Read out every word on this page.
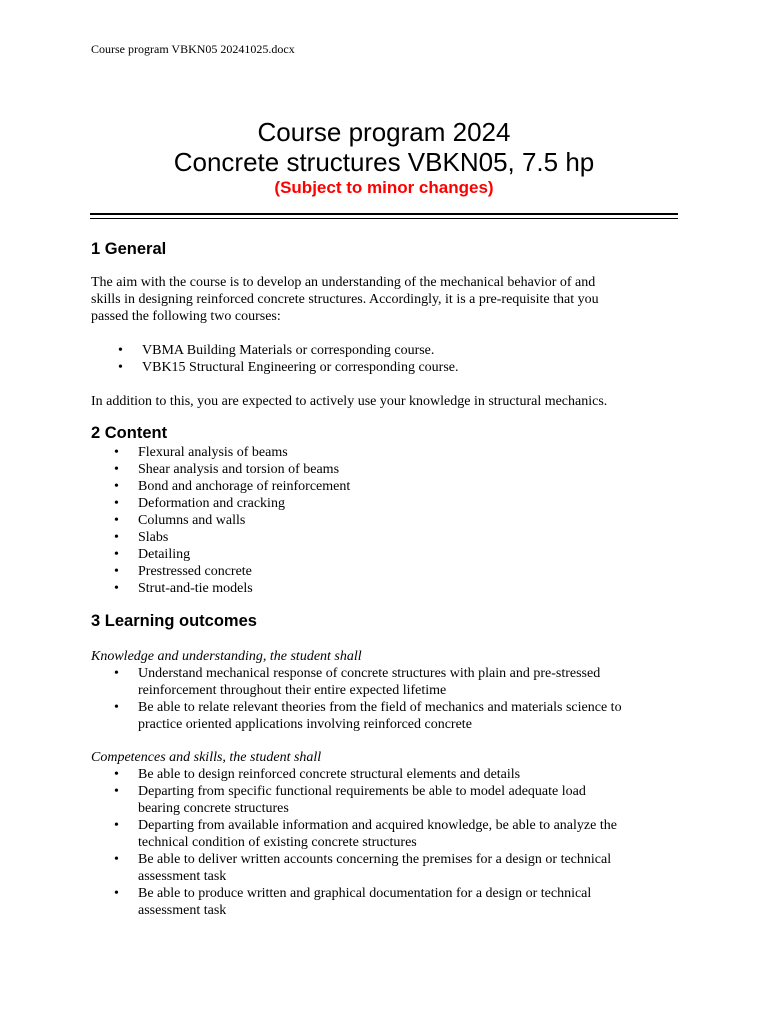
Course program VBKN05 20241025.docx
Course program 2024
Concrete structures VBKN05, 7.5 hp
(Subject to minor changes)
1 General

The aim with the course is to develop an understanding of the mechanical behavior of and

skills in designing reinforced concrete structures. Accordingly, it is a pre-requisite that you

passed the following two courses:

• VBMA Building Materials or corresponding course.
• VBK15 Structural Engineering or corresponding course.

In addition to this, you are expected to actively use your knowledge in structural mechanics.

2 Content
• Flexural analysis of beams
• Shear analysis and torsion of beams
• Bond and anchorage of reinforcement
• Deformation and cracking
• Columns and walls
• Slabs
• Detailing
• Prestressed concrete
• Strut-and-tie models
3 Learning outcomes

Knowledge and understanding, the student shall

• Understand mechanical response of concrete structures with plain and pre-stressed
reinforcement throughout their entire expected lifetime
• Be able to relate relevant theories from the field of mechanics and materials science to
practice oriented applications involving reinforced concrete

Competences and skills, the student shall

• Be able to design reinforced concrete structural elements and details
• Departing from specific functional requirements be able to model adequate load
bearing concrete structures
• Departing from available information and acquired knowledge, be able to analyze the
technical condition of existing concrete structures
• Be able to deliver written accounts concerning the premises for a design or technical
assessment task
• Be able to produce written and graphical documentation for a design or technical
assessment task
